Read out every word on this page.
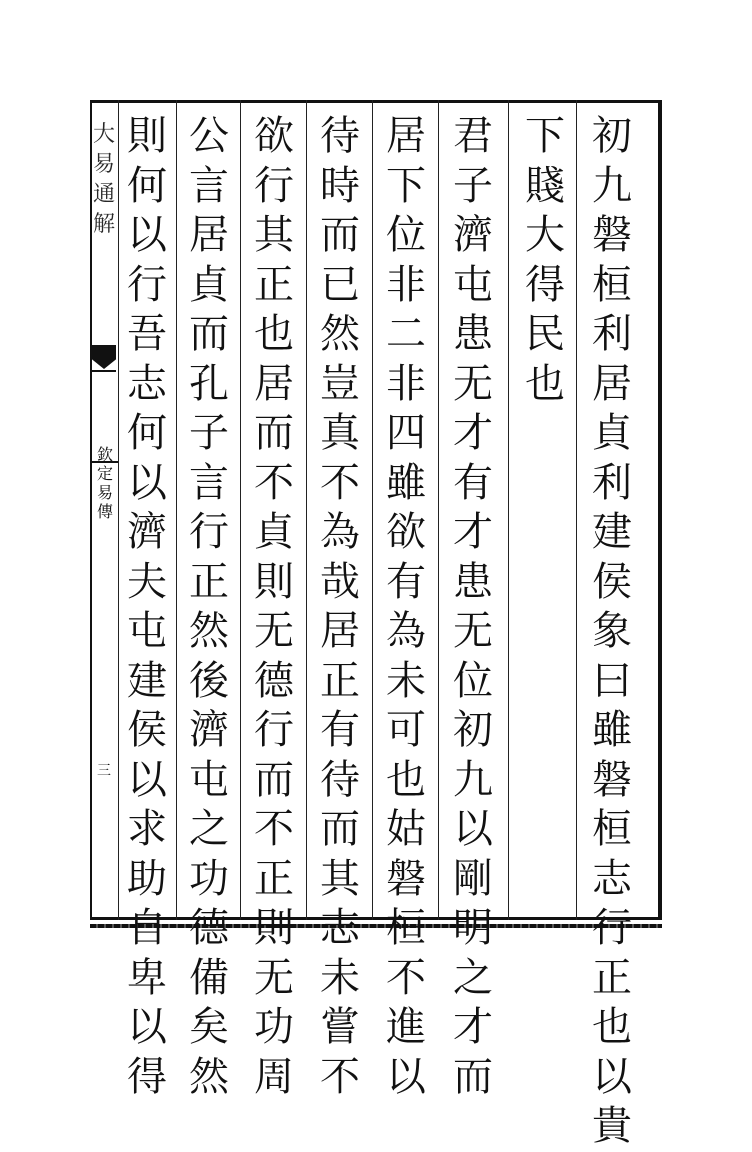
大
易
通
解
欽
定
易
傳
三
初
九
磐
桓
利
居
貞
利
建
侯
象
曰
雖
磐
桓
志
行
正
也
以
貴
下
賤
大
得
民
也
君
子
濟
屯
患
无
才
有
才
患
无
位
初
九
以
剛
明
之
才
而
居
下
位
非
二
非
四
雖
欲
有
為
未
可
也
姑
磐
桓
不
進
以
待
時
而
已
然
豈
真
不
為
哉
居
正
有
待
而
其
志
未
嘗
不
欲
行
其
正
也
居
而
不
貞
則
无
德
行
而
不
正
則
无
功
周
公
言
居
貞
而
孔
子
言
行
正
然
後
濟
屯
之
功
德
備
矣
然
則
何
以
行
吾
志
何
以
濟
夫
屯
建
侯
以
求
助
自
卑
以
得
